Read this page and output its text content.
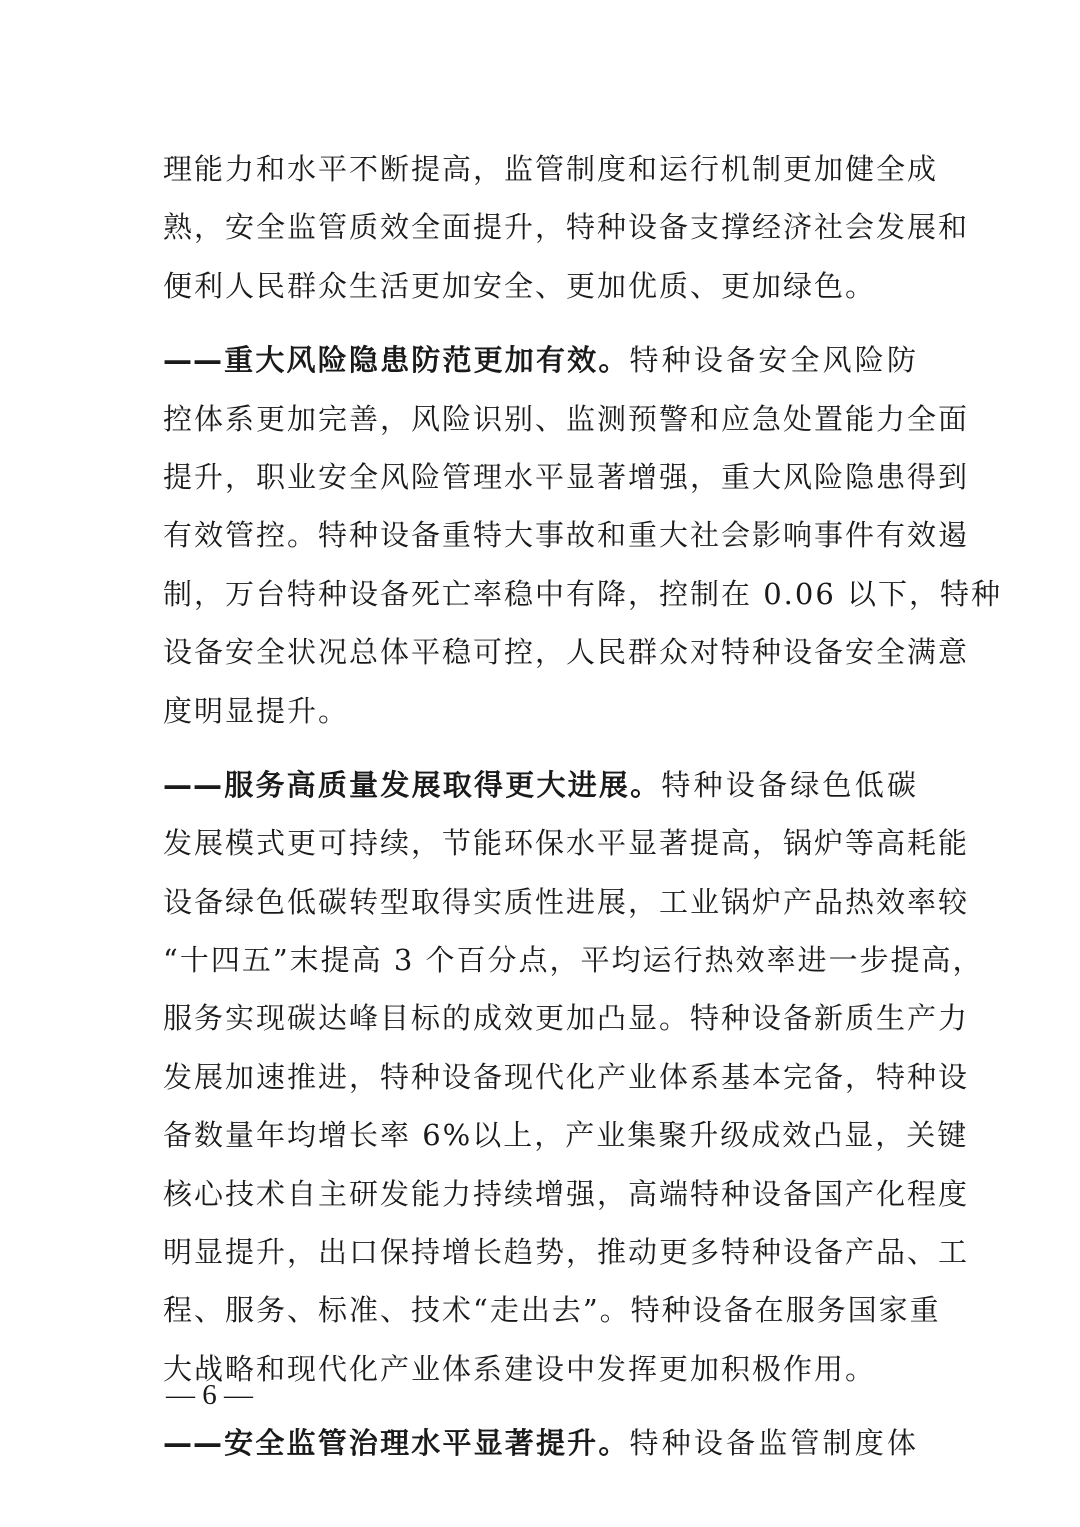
理能力和水平不断提高，监管制度和运行机制更加健全成
熟，安全监管质效全面提升，特种设备支撑经济社会发展和
便利人民群众生活更加安全、更加优质、更加绿色。
——重大风险隐患防范更加有效。特种设备安全风险防
控体系更加完善，风险识别、监测预警和应急处置能力全面
提升，职业安全风险管理水平显著增强，重大风险隐患得到
有效管控。特种设备重特大事故和重大社会影响事件有效遏
制，万台特种设备死亡率稳中有降，控制在 0.06 以下，特种
设备安全状况总体平稳可控，人民群众对特种设备安全满意
度明显提升。
——服务高质量发展取得更大进展。特种设备绿色低碳
发展模式更可持续，节能环保水平显著提高，锅炉等高耗能
设备绿色低碳转型取得实质性进展，工业锅炉产品热效率较
“十四五”末提高 3 个百分点，平均运行热效率进一步提高，
服务实现碳达峰目标的成效更加凸显。特种设备新质生产力
发展加速推进，特种设备现代化产业体系基本完备，特种设
备数量年均增长率 6%以上，产业集聚升级成效凸显，关键
核心技术自主研发能力持续增强，高端特种设备国产化程度
明显提升，出口保持增长趋势，推动更多特种设备产品、工
程、服务、标准、技术“走出去”。特种设备在服务国家重
大战略和现代化产业体系建设中发挥更加积极作用。
——安全监管治理水平显著提升。特种设备监管制度体
— 6 —
